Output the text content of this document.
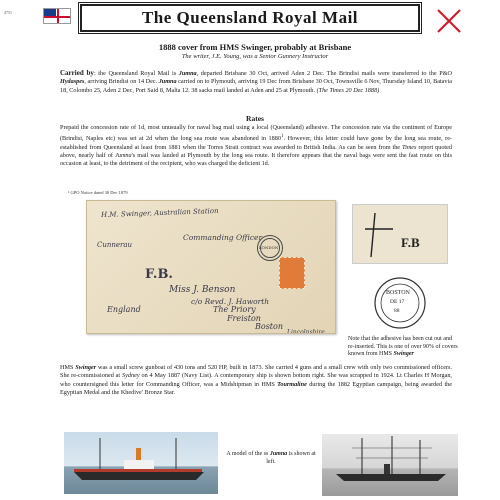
4751	The Queensland Royal Mail
1888 cover from HMS Swinger, probably at Brisbane
The writer, J.E. Young, was a Senior Gunnery Instructor
Carried by: the Queensland Royal Mail is Jumna, departed Brisbane 30 Oct, arrived Aden 2 Dec. The Brindisi mails were transferred to the P&O Hydaspes, arriving Brindisi on 14 Dec. Jumna carried on to Plymouth, arriving 19 Dec from Brisbane 30 Oct, Townsville 6 Nov, Thursday Island 10, Batavia 18, Colombo 25, Aden 2 Dec, Port Said 8, Malta 12. 38 sacks mail landed at Aden and 25 at Plymouth. (The Times 20 Dec 1888)
Rates
Prepaid the concession rate of 1d, most unusually for naval bag mail using a local (Queensland) adhesive. The concession rate via the continent of Europe (Brindisi, Naples etc) was set at 2d when the long sea route was abandoned in 1880$^1$. However, this letter could have gone by the long sea route, re-established from Queensland at least from 1881 when the Torres Strait contract was awarded to British India. As can be seen from the Times report quoted above, nearly half of Jumna's mail was landed at Plymouth by the long sea route. It therefore appears that the naval bags were sent the fast route on this occasion at least, to the detriment of the recipient, who was charged the deficient 1d.
¹ GPO Notice dated 30 Dec 1879
H.M. Swinger, Australian Station
Commanding Officer
Cunnerau
F.B.
Miss J. Benson
c/o Revd. J. Haworth
England	The Priory
Freiston
Boston
Lincolnshire
LONDON	F.B
BOSTON
DE 17
88
Note that the adhesive has been cut out and re-inserted. This is one of over 90% of covers known from HMS Swinger
HMS Swinger was a small screw gunboat of 430 tons and 520 HP, built in 1873. She carried 4 guns and a small crew with only two commissioned officers. She re-commissioned at Sydney on 4 May 1887 (Navy List). A contemporary ship is shown bottom right. She was scrapped in 1924. Lt Charles H Morgan, who countersigned this letter for Commanding Officer, was a Midshipman in HMS Tourmaline during the 1882 Egyptian campaign, being awarded the Egyptian Medal and the Khedive' Bronze Star.
A model of the ss Jumna is shown at left.
